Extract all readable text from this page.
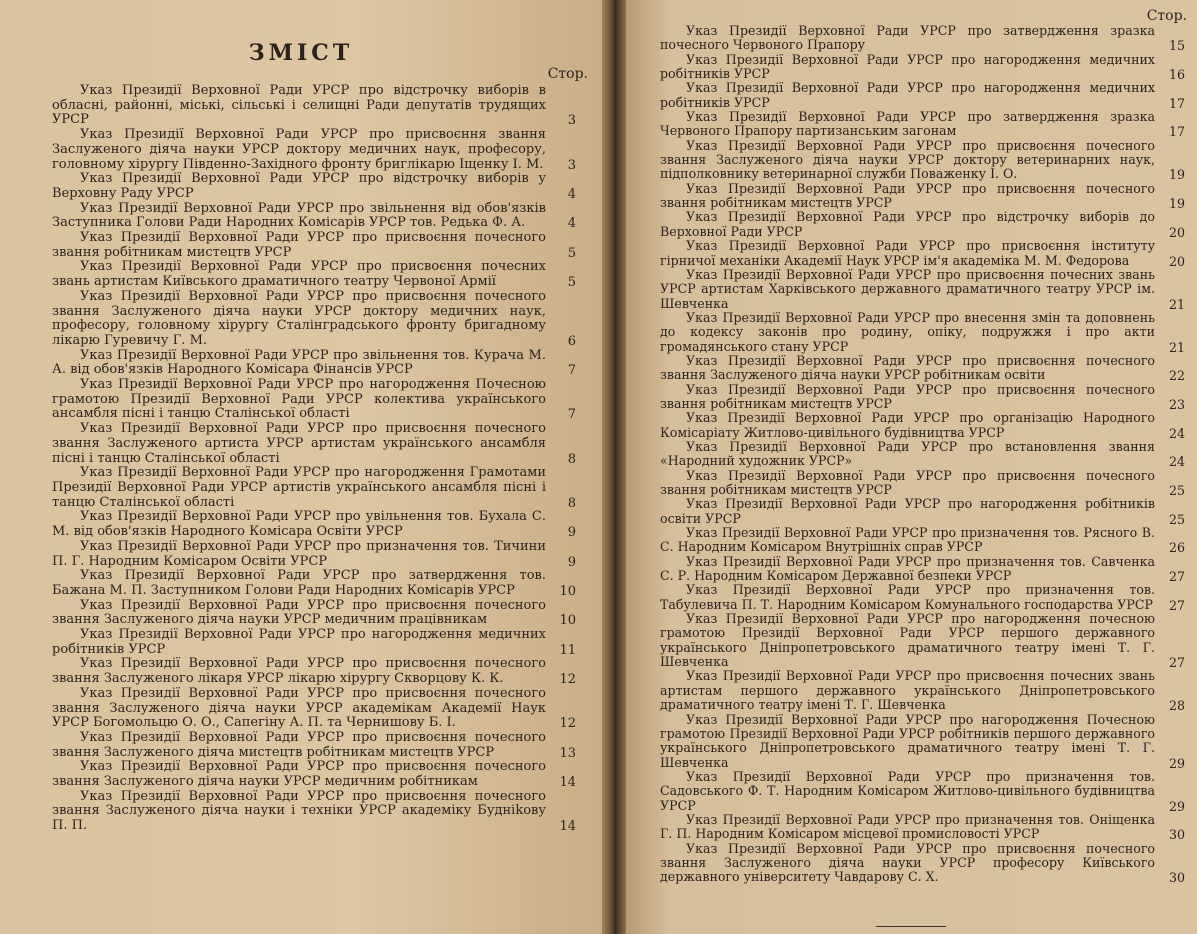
ЗМІСТ
Стор.

Указ Президії Верховної Ради УРСР про відстрочку виборів в обласні, районні, міські, сільські і селищні Ради депутатів трудящих УРСР	3

Указ Президії Верховної Ради УРСР про присвоєння звання Заслуженого діяча науки УРСР доктору медичних наук, професору, головному хірургу Південно-Західного фронту бриглікарю Іщенку І. М.	3

Указ Президії Верховної Ради УРСР про відстрочку виборів у Верховну Раду УРСР	4

Указ Президії Верховної Ради УРСР про звільнення від обов'язків Заступника Голови Ради Народних Комісарів УРСР тов. Редька Ф. А.	4

Указ Президії Верховної Ради УРСР про присвоєння почесного звання робітникам мистецтв УРСР	5

Указ Президії Верховної Ради УРСР про присвоєння почесних звань артистам Київського драматичного театру Червоної Армії	5

Указ Президії Верховної Ради УРСР про присвоєння почесного звання Заслуженого діяча науки УРСР доктору медичних наук, професору, головному хірургу Сталінградського фронту бригадному лікарю Гуревичу Г. М.	6

Указ Президії Верховної Ради УРСР про звільнення тов. Курача М. А. від обов'язків Народного Комісара Фінансів УРСР	7

Указ Президії Верховної Ради УРСР про нагородження Почесною грамотою Президії Верховної Ради УРСР колектива українського ансамбля пісні і танцю Сталінської області	7

Указ Президії Верховної Ради УРСР про присвоєння почесного звання Заслуженого артиста УРСР артистам українського ансамбля пісні і танцю Сталінської області	8

Указ Президії Верховної Ради УРСР про нагородження Грамотами Президії Верховної Ради УРСР артистів українського ансамбля пісні і танцю Сталінської області	8

Указ Президії Верховної Ради УРСР про увільнення тов. Бухала С. М. від обов'язків Народного Комісара Освіти УРСР	9

Указ Президії Верховної Ради УРСР про призначення тов. Тичини П. Г. Народним Комісаром Освіти УРСР	9

Указ Президії Верховної Ради УРСР про затвердження тов. Бажана М. П. Заступником Голови Ради Народних Комісарів УРСР	10

Указ Президії Верховної Ради УРСР про присвоєння почесного звання Заслуженого діяча науки УРСР медичним працівникам	10

Указ Президії Верховної Ради УРСР про нагородження медичних робітників УРСР	11

Указ Президії Верховної Ради УРСР про присвоєння почесного звання Заслуженого лікаря УРСР лікарю хірургу Скворцову К. К.	12

Указ Президії Верховної Ради УРСР про присвоєння почесного звання Заслуженого діяча науки УРСР академікам Академії Наук УРСР Богомольцю О. О., Сапегіну А. П. та Чернишову Б. І.	12

Указ Президії Верховної Ради УРСР про присвоєння почесного звання Заслуженого діяча мистецтв робітникам мистецтв УРСР	13

Указ Президії Верховної Ради УРСР про присвоєння почесного звання Заслуженого діяча науки УРСР медичним робітникам	14

Указ Президії Верховної Ради УРСР про присвоєння почесного звання Заслуженого діяча науки і техніки УРСР академіку Будніkову П. П.	14

Стор.

Указ Президії Верховної Ради УРСР про затвердження зразка почесного Червоного Прапору	15

Указ Президії Верховної Ради УРСР про нагородження медичних робітників УРСР	16

Указ Президії Верховної Ради УРСР про нагородження медичних робітників УРСР	17

Указ Президії Верховної Ради УРСР про затвердження зразка Червоного Прапору партизанським загонам	17

Указ Президії Верховної Ради УРСР про присвоєння почесного звання Заслуженого діяча науки УРСР доктору ветеринарних наук, підполковнику ветеринарної служби Поваженку І. О.	19

Указ Президії Верховної Ради УРСР про присвоєння почесного звання робітникам мистецтв УРСР	19

Указ Президії Верховної Ради УРСР про відстрочку виборів до Верховної Ради УРСР	20

Указ Президії Верховної Ради УРСР про присвоєння інституту гірничої механіки Академії Наук УРСР ім'я академіка М. М. Федорова	20

Указ Президії Верховної Ради УРСР про присвоєння почесних звань УРСР артистам Харківського державного драматичного театру УРСР ім. Шевченка	21

Указ Президії Верховної Ради УРСР про внесення змін та доповнень до кодексу законів про родину, опіку, подружжя і про акти громадянського стану УРСР	21

Указ Президії Верховної Ради УРСР про присвоєння почесного звання Заслуженого діяча науки УРСР робітникам освіти	22

Указ Президії Верховної Ради УРСР про присвоєння почесного звання робітникам мистецтв УРСР	23

Указ Президії Верховної Ради УРСР про організацію Народного Комісаріату Житлово-цивільного будівництва УРСР	24

Указ Президії Верховної Ради УРСР про встановлення звання «Народний художник УРСР»	24

Указ Президії Верховної Ради УРСР про присвоєння почесного звання робітникам мистецтв УРСР	25

Указ Президії Верховної Ради УРСР про нагородження робітників освіти УРСР	25

Указ Президії Верховної Ради УРСР про призначення тов. Рясного В. С. Народним Комісаром Внутрішніх справ УРСР	26

Указ Президії Верховної Ради УРСР про призначення тов. Савченка С. Р. Народним Комісаром Державної безпеки УРСР	27

Указ Президії Верховної Ради УРСР про призначення тов. Табулевича П. Т. Народним Комісаром Комунального господарства УРСР	27

Указ Президії Верховної Ради УРСР про нагородження почесною грамотою Президії Верховної Ради УРСР першого державного українського Дніпропетровського драматичного театру імені Т. Г. Шевченка	27

Указ Президії Верховної Ради УРСР про присвоєння почесних звань артистам першого державного українського Дніпропетровського драматичного театру імені Т. Г. Шевченка	28

Указ Президії Верховної Ради УРСР про нагородження Почесною грамотою Президії Верховної Ради УРСР робітників першого державного українського Дніпропетровського драматичного театру імені Т. Г. Шевченка	29

Указ Президії Верховної Ради УРСР про призначення тов. Садовського Ф. Т. Народним Комісаром Житлово-цивільного будівництва УРСР	29

Указ Президії Верховної Ради УРСР про призначення тов. Оніщенка Г. П. Народним Комісаром місцевої промисловості УРСР	30

Указ Президії Верховної Ради УРСР про присвоєння почесного звання Заслуженого діяча науки УРСР професору Київського державного університету Чавдарову С. Х.	30
